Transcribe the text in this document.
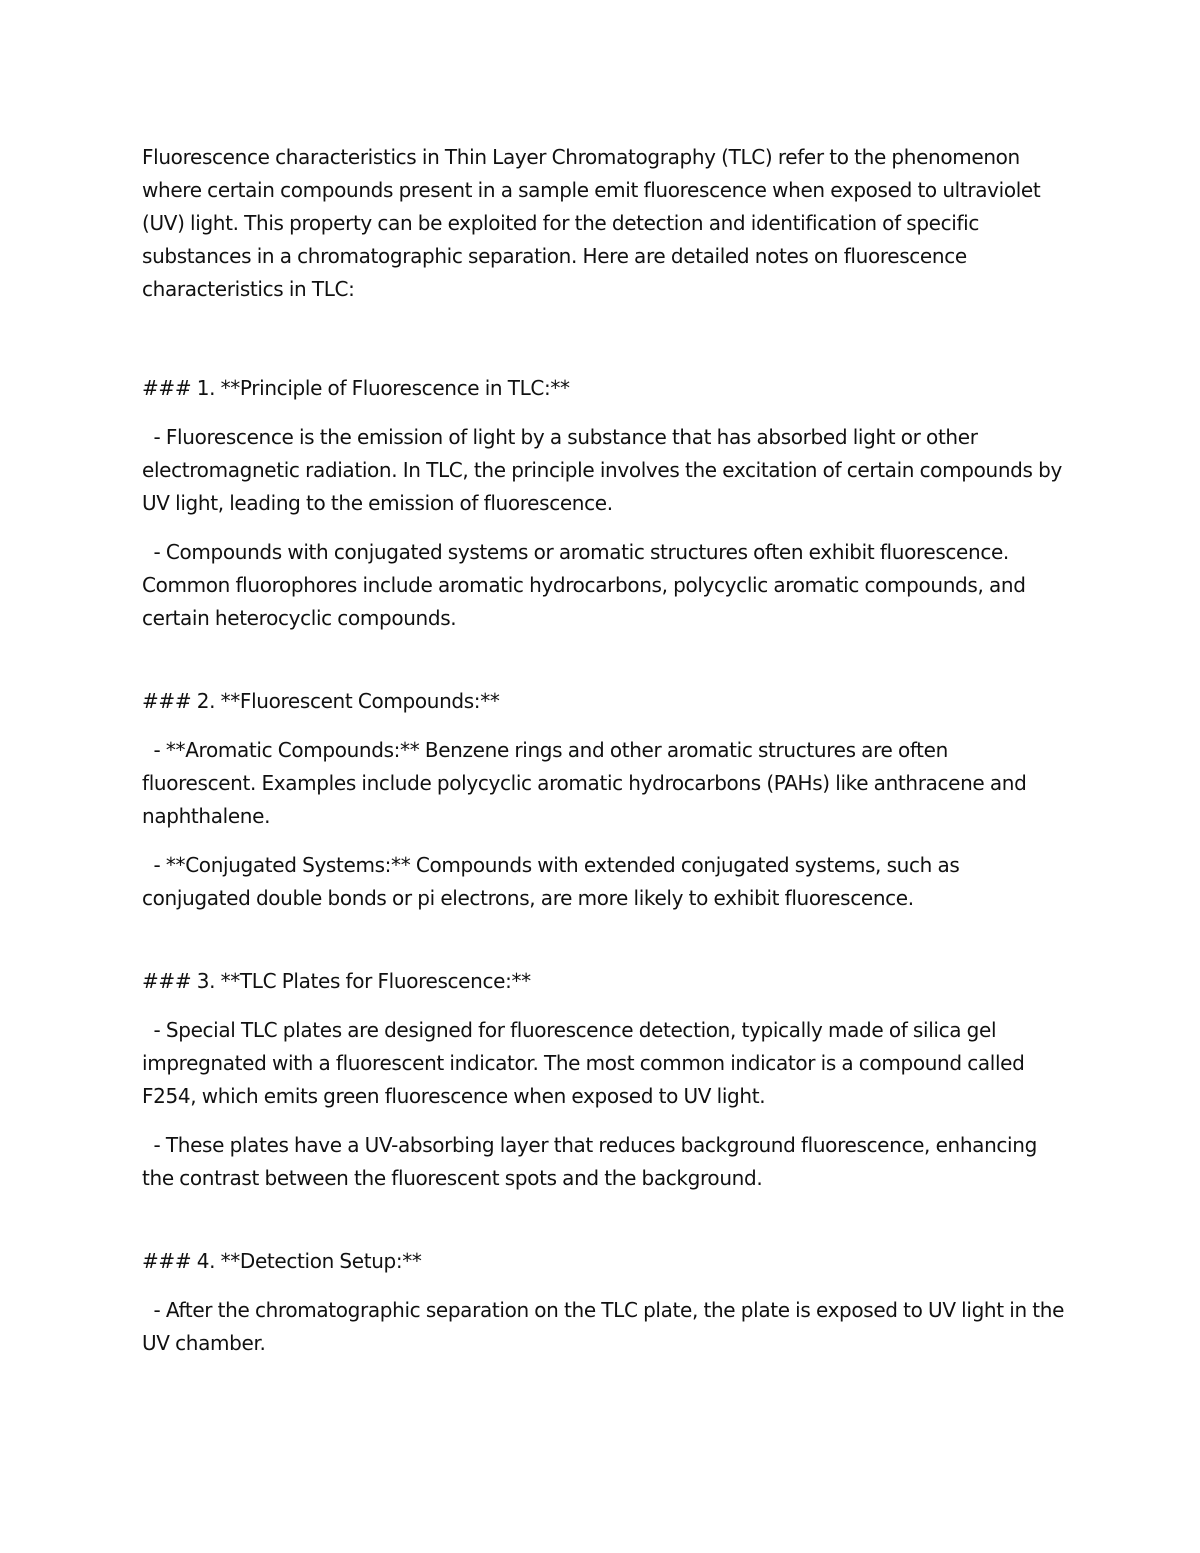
Fluorescence characteristics in Thin Layer Chromatography (TLC) refer to the phenomenon where certain compounds present in a sample emit fluorescence when exposed to ultraviolet (UV) light. This property can be exploited for the detection and identification of specific substances in a chromatographic separation. Here are detailed notes on fluorescence characteristics in TLC:

### 1. **Principle of Fluorescence in TLC:**

- Fluorescence is the emission of light by a substance that has absorbed light or other electromagnetic radiation. In TLC, the principle involves the excitation of certain compounds by UV light, leading to the emission of fluorescence.

- Compounds with conjugated systems or aromatic structures often exhibit fluorescence. Common fluorophores include aromatic hydrocarbons, polycyclic aromatic compounds, and certain heterocyclic compounds.

### 2. **Fluorescent Compounds:**

- **Aromatic Compounds:** Benzene rings and other aromatic structures are often fluorescent. Examples include polycyclic aromatic hydrocarbons (PAHs) like anthracene and naphthalene.

- **Conjugated Systems:** Compounds with extended conjugated systems, such as conjugated double bonds or pi electrons, are more likely to exhibit fluorescence.

### 3. **TLC Plates for Fluorescence:**

- Special TLC plates are designed for fluorescence detection, typically made of silica gel impregnated with a fluorescent indicator. The most common indicator is a compound called F254, which emits green fluorescence when exposed to UV light.

- These plates have a UV-absorbing layer that reduces background fluorescence, enhancing the contrast between the fluorescent spots and the background.

### 4. **Detection Setup:**

- After the chromatographic separation on the TLC plate, the plate is exposed to UV light in the UV chamber.
